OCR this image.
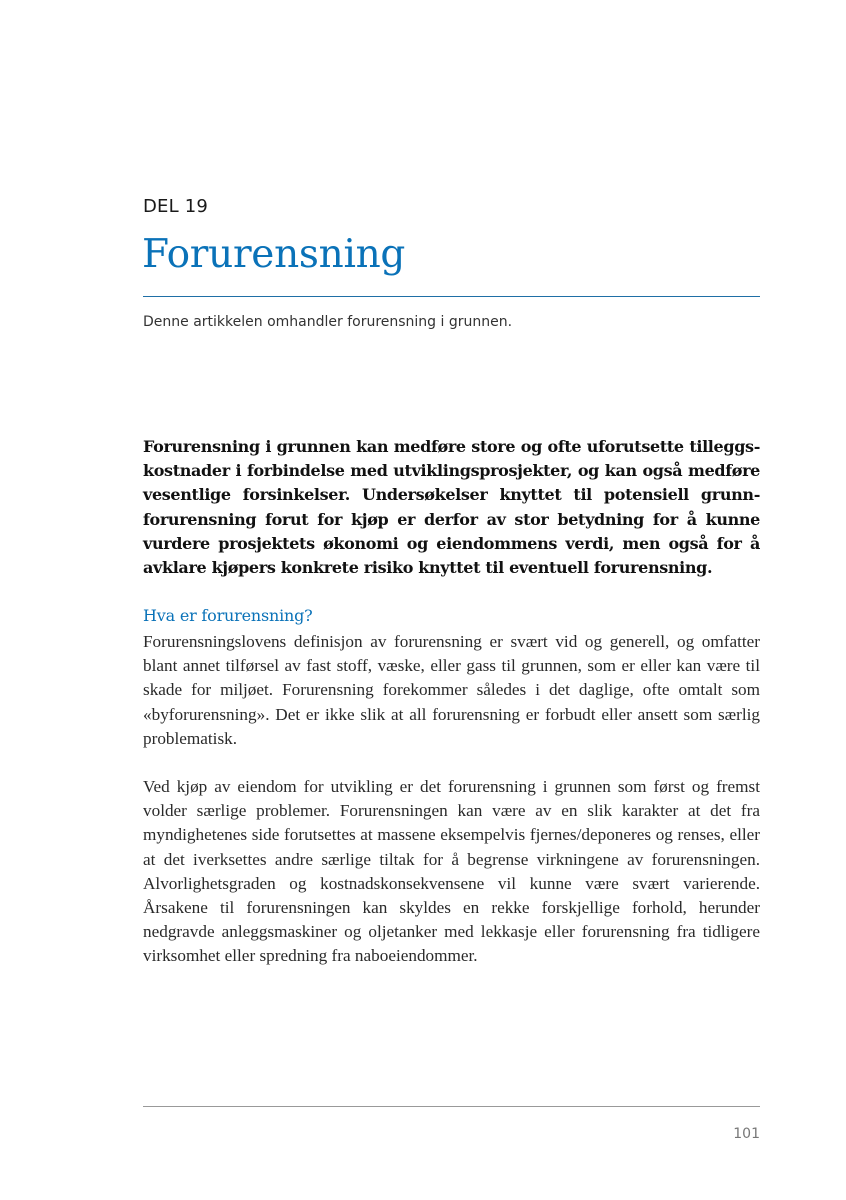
DEL 19
Forurensning
Denne artikkelen omhandler forurensning i grunnen.
Forurensning i grunnen kan medføre store og ofte uforutsette tilleggs-kostnader i forbindelse med utviklingsprosjekter, og kan også medføre vesentlige forsinkelser. Undersøkelser knyttet til potensiell grunn-forurensning forut for kjøp er derfor av stor betydning for å kunne vurdere prosjektets økonomi og eiendommens verdi, men også for å avklare kjøpers konkrete risiko knyttet til eventuell forurensning.
Hva er forurensning?
Forurensningslovens definisjon av forurensning er svært vid og generell, og omfatter blant annet tilførsel av fast stoff, væske, eller gass til grunnen, som er eller kan være til skade for miljøet. Forurensning forekommer således i det daglige, ofte omtalt som «byforurensning». Det er ikke slik at all forurensning er forbudt eller ansett som særlig problematisk.
Ved kjøp av eiendom for utvikling er det forurensning i grunnen som først og fremst volder særlige problemer. Forurensningen kan være av en slik karakter at det fra myndighetenes side forutsettes at massene eksempelvis fjernes/deponeres og renses, eller at det iverksettes andre særlige tiltak for å begrense virkningene av forurensningen. Alvorlighetsgraden og kostnadskonsekvensene vil kunne være svært varierende. Årsakene til forurensningen kan skyldes en rekke forskjellige forhold, herunder nedgravde anleggsmaskiner og oljetanker med lekkasje eller forurensning fra tidligere virksomhet eller spredning fra naboeiendommer.
101
